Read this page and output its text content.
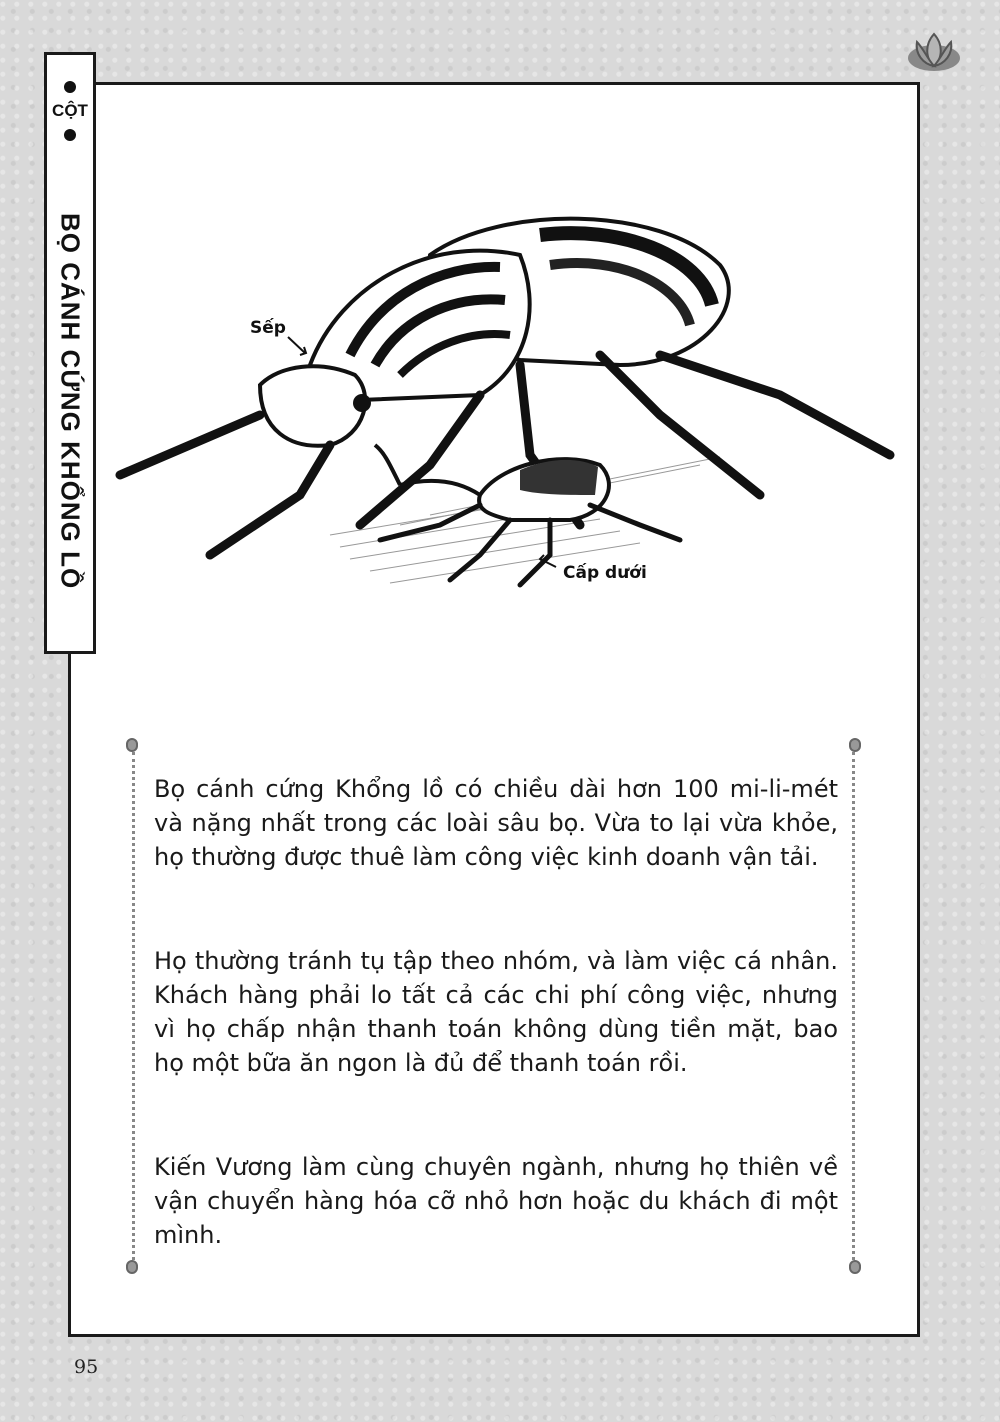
CỘT
BỌ CÁNH CỨNG KHỔNG LỒ	Sếp
Cấp dưới

Bọ cánh cứng Khổng lồ có chiều dài hơn 100 mi-li-mét và nặng nhất trong các loài sâu bọ. Vừa to lại vừa khỏe, họ thường được thuê làm công việc kinh doanh vận tải.

Họ thường tránh tụ tập theo nhóm, và làm việc cá nhân. Khách hàng phải lo tất cả các chi phí công việc, nhưng vì họ chấp nhận thanh toán không dùng tiền mặt, bao họ một bữa ăn ngon là đủ để thanh toán rồi.

Kiến Vương làm cùng chuyên ngành, nhưng họ thiên về vận chuyển hàng hóa cỡ nhỏ hơn hoặc du khách đi một mình.

95
